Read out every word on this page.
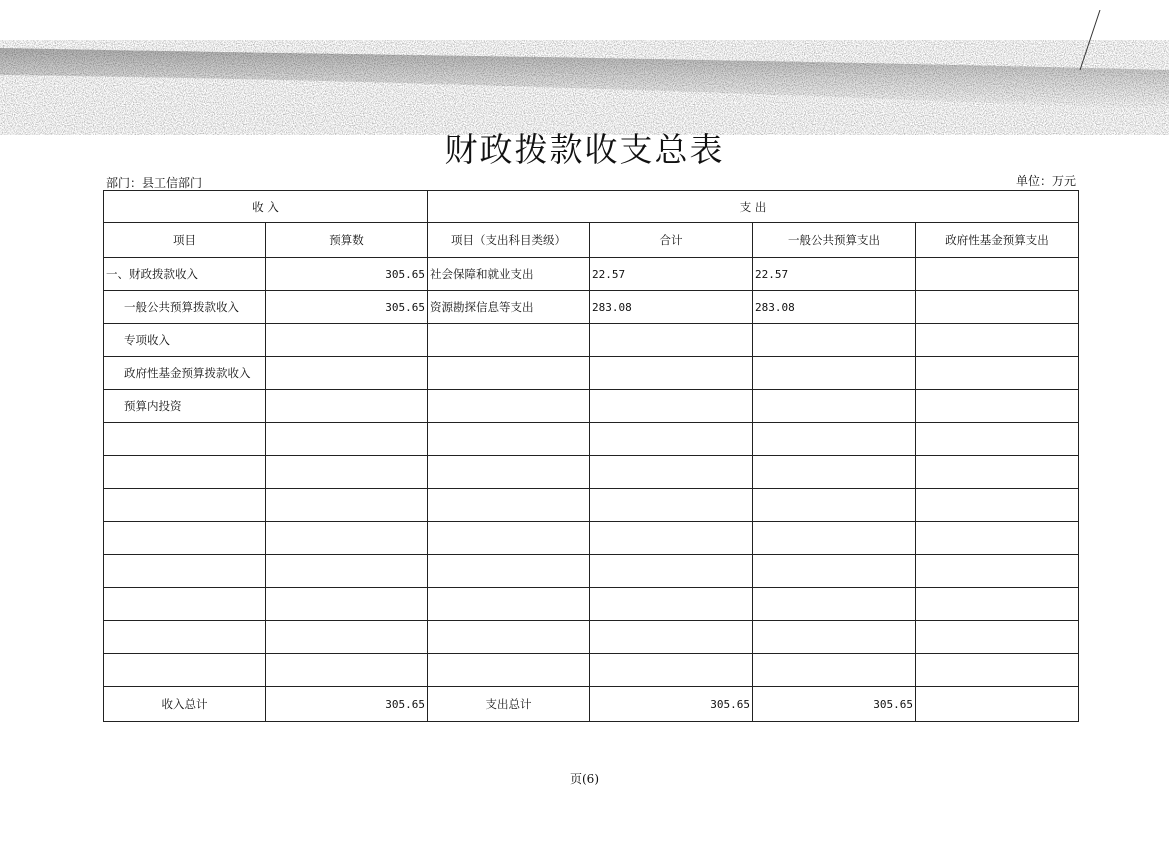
财政拨款收支总表
部门：县工信部门	单位：万元
收 入		支 出			
项目	预算数	项目（支出科目类级）	合计	一般公共预算支出	政府性基金预算支出
一、财政拨款收入	305.65	社会保障和就业支出	22.57	22.57	
一般公共预算拨款收入	305.65	资源勘探信息等支出	283.08	283.08	
专项收入					
政府性基金预算拨款收入					
预算内投资					

收入总计	305.65	支出总计	305.65	305.65	
页(6)
